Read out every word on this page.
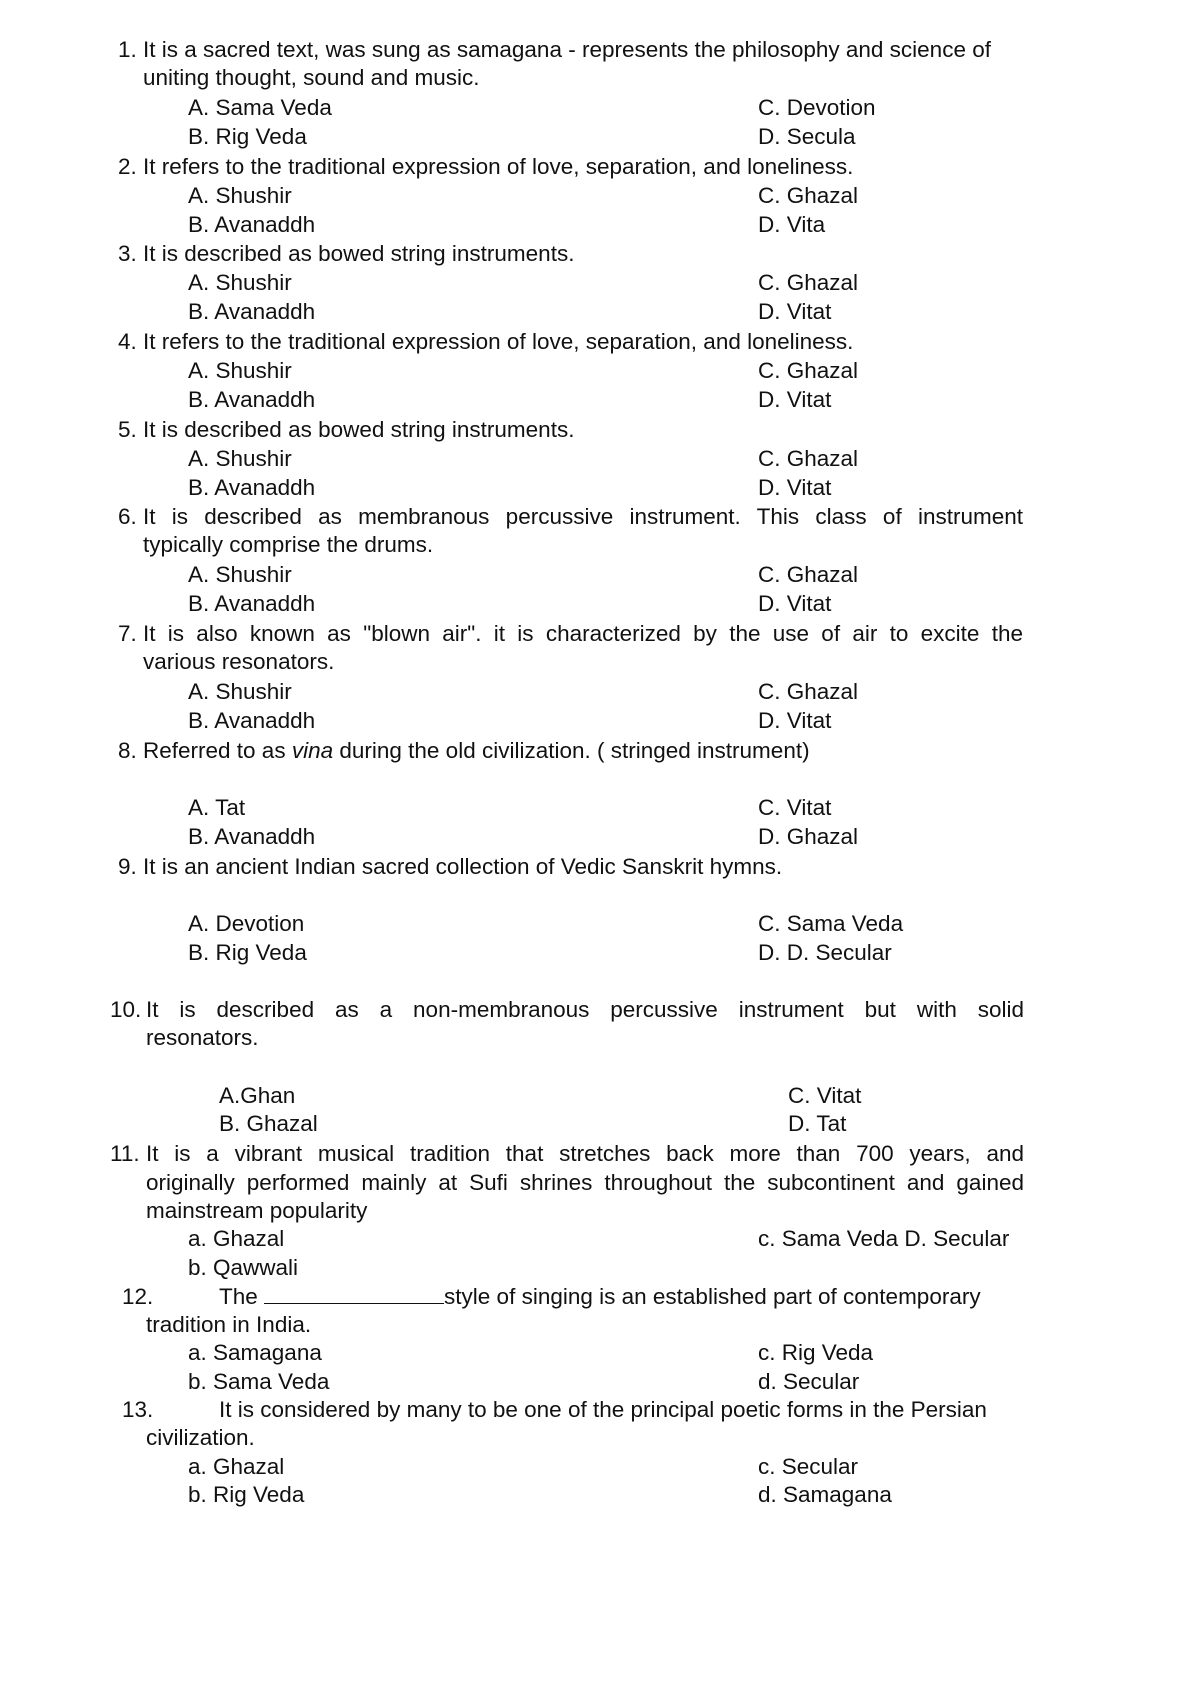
1. It is a sacred text, was sung as samagana - represents the philosophy and science of
uniting thought, sound and music.
A. Sama Veda
B. Rig Veda
C. Devotion
D. Secula
2. It refers to the traditional expression of love, separation, and loneliness.
A. Shushir
B. Avanaddh
C. Ghazal
D. Vita
3. It is described as bowed string instruments.
A. Shushir
B. Avanaddh
C. Ghazal
D. Vitat
4. It refers to the traditional expression of love, separation, and loneliness.
A. Shushir
B. Avanaddh
C. Ghazal
D. Vitat
5. It is described as bowed string instruments.
A. Shushir
B. Avanaddh
C. Ghazal
D. Vitat
6. It is described as membranous percussive instrument. This class of instrument
typically comprise the drums.
A. Shushir
B. Avanaddh
C. Ghazal
D. Vitat
7. It is also known as "blown air". it is characterized by the use of air to excite the
various resonators.
A. Shushir
B. Avanaddh
C. Ghazal
D. Vitat
8. Referred to as vina during the old civilization. ( stringed instrument)
A. Tat
B. Avanaddh
C. Vitat
D. Ghazal
9. It is an ancient Indian sacred collection of Vedic Sanskrit hymns.
A. Devotion
B. Rig Veda
C. Sama Veda
D. D. Secular
10. It is described as a non-membranous percussive instrument but with solid
resonators.
A.Ghan
B. Ghazal
C. Vitat
D. Tat
11. It is a vibrant musical tradition that stretches back more than 700 years, and
originally performed mainly at Sufi shrines throughout the subcontinent and gained
mainstream popularity
a. Ghazal
b. Qawwali
c. Sama Veda D. Secular
12.	The	style of singing is an established part of contemporary
tradition in India.
a. Samagana
b. Sama Veda
c. Rig Veda
d. Secular
13.	It is considered by many to be one of the principal poetic forms in the Persian
civilization.
a. Ghazal
b. Rig Veda
c. Secular
d. Samagana
